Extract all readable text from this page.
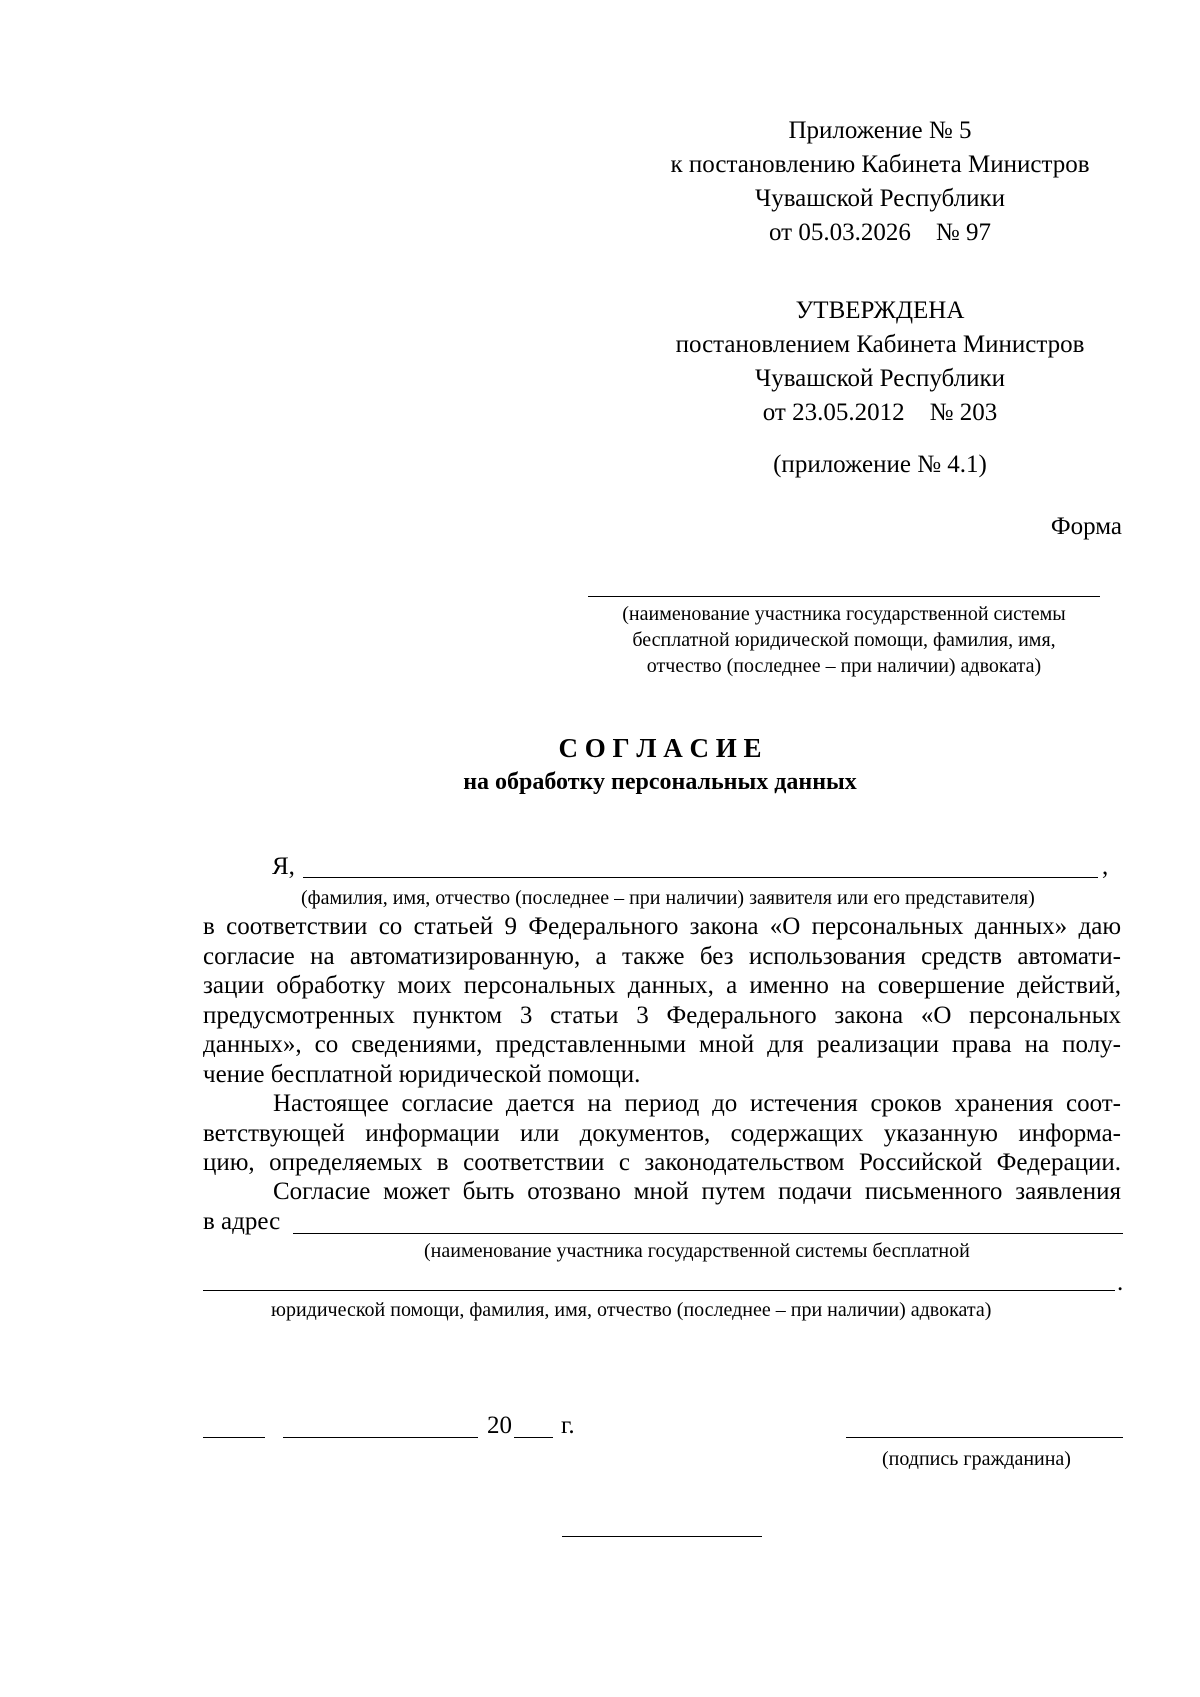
Приложение № 5
к постановлению Кабинета Министров
Чувашской Республики
от 05.03.2026    № 97
УТВЕРЖДЕНА
постановлением Кабинета Министров
Чувашской Республики
от 23.05.2012    № 203
(приложение № 4.1)
Форма
(наименование участника государственной системы
бесплатной юридической помощи, фамилия, имя,
отчество (последнее – при наличии) адвоката)
С О Г Л А С И Е
на обработку персональных данных
Я,	,
(фамилия, имя, отчество (последнее – при наличии) заявителя или его представителя)
в соответствии со статьей 9 Федерального закона «О персональных данных» даю
согласие на автоматизированную, а также без использования средств автомати-
зации обработку моих персональных данных, а именно на совершение действий,
предусмотренных пунктом 3 статьи 3 Федерального закона «О персональных
данных», со сведениями, представленными мной для реализации права на полу-
чение бесплатной юридической помощи.
Настоящее согласие дается на период до истечения сроков хранения соот-
ветствующей информации или документов, содержащих указанную информа-
цию, определяемых в соответствии с законодательством Российской Федерации.
Согласие может быть отозвано мной путем подачи письменного заявления
в адрес
(наименование участника государственной системы бесплатной
.
юридической помощи, фамилия, имя, отчество (последнее – при наличии) адвоката)
20 г.
(подпись гражданина)
